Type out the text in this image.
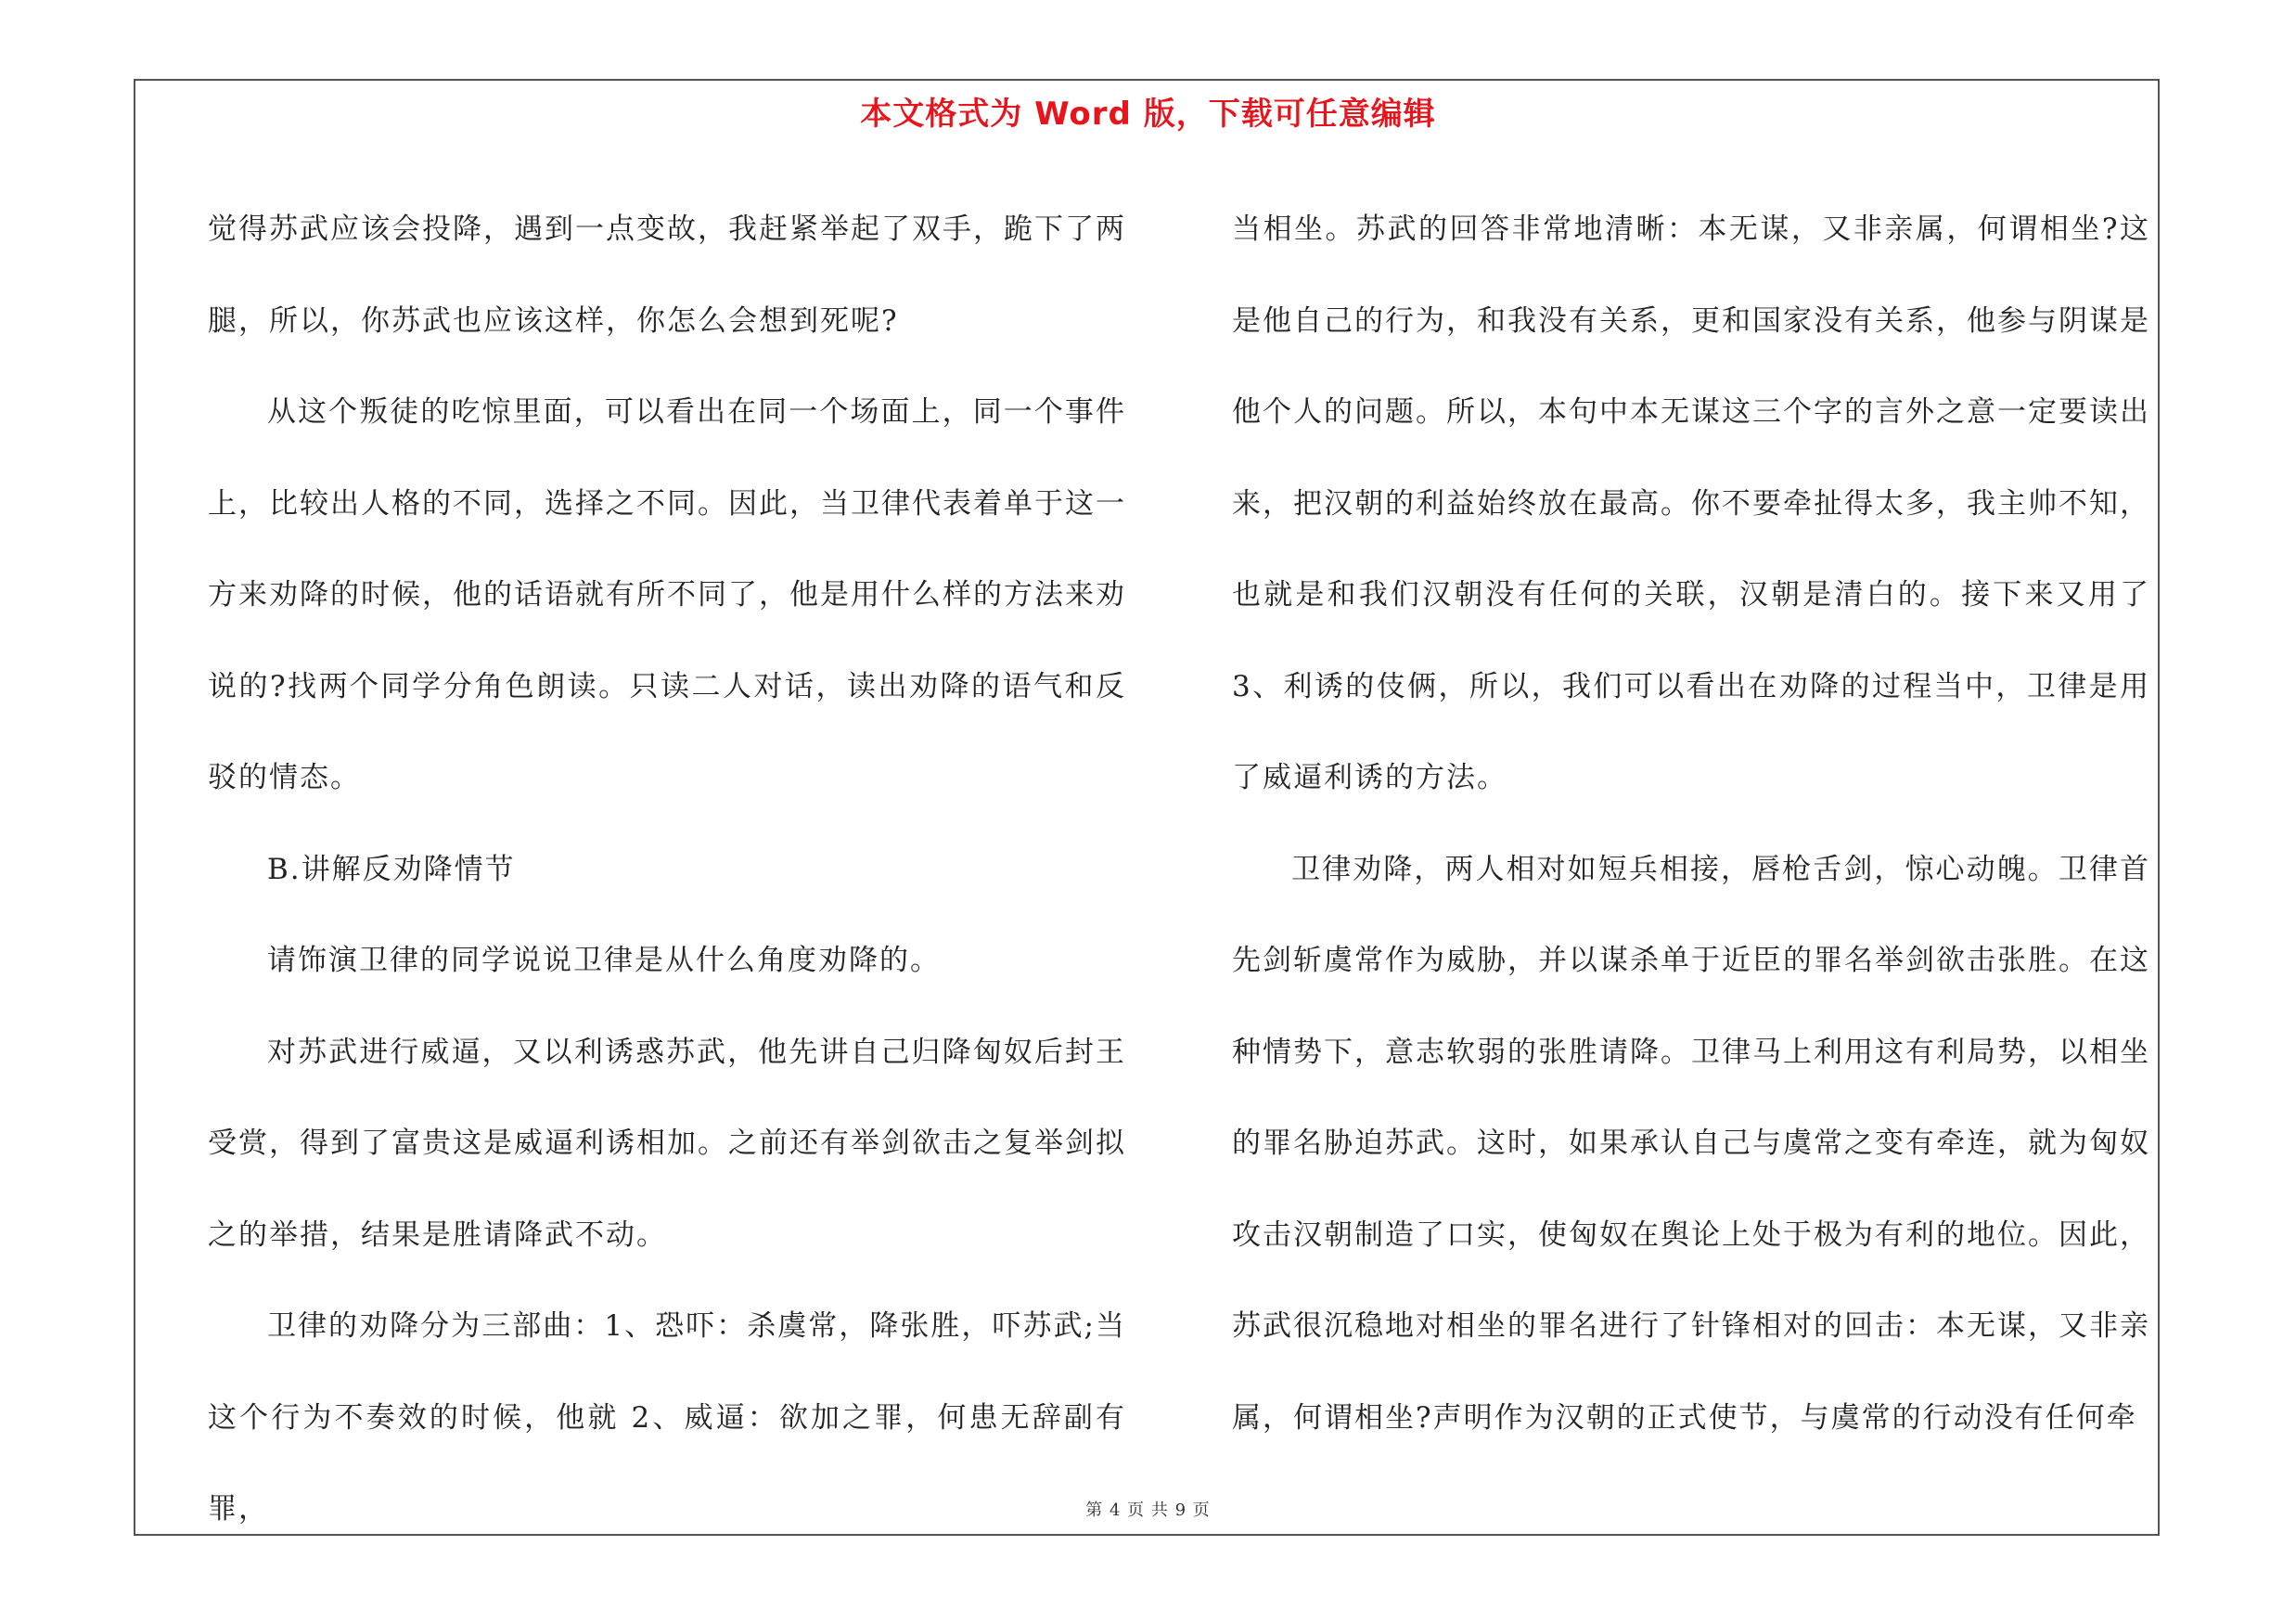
本文格式为 Word 版，下载可任意编辑

觉得苏武应该会投降，遇到一点变故，我赶紧举起了双手，跪下了两腿，所以，你苏武也应该这样，你怎么会想到死呢?

从这个叛徒的吃惊里面，可以看出在同一个场面上，同一个事件上，比较出人格的不同，选择之不同。因此，当卫律代表着单于这一方来劝降的时候，他的话语就有所不同了，他是用什么样的方法来劝说的?找两个同学分角色朗读。只读二人对话，读出劝降的语气和反驳的情态。

B.讲解反劝降情节

请饰演卫律的同学说说卫律是从什么角度劝降的。

对苏武进行威逼，又以利诱惑苏武，他先讲自己归降匈奴后封王受赏，得到了富贵这是威逼利诱相加。之前还有举剑欲击之复举剑拟之的举措，结果是胜请降武不动。

卫律的劝降分为三部曲：1、恐吓：杀虞常，降张胜，吓苏武;当这个行为不奏效的时候，他就 2、威逼：欲加之罪，何患无辞副有罪，

当相坐。苏武的回答非常地清晰：本无谋，又非亲属，何谓相坐?这是他自己的行为，和我没有关系，更和国家没有关系，他参与阴谋是他个人的问题。所以，本句中本无谋这三个字的言外之意一定要读出来，把汉朝的利益始终放在最高。你不要牵扯得太多，我主帅不知，也就是和我们汉朝没有任何的关联，汉朝是清白的。接下来又用了 3、利诱的伎俩，所以，我们可以看出在劝降的过程当中，卫律是用了威逼利诱的方法。

卫律劝降，两人相对如短兵相接，唇枪舌剑，惊心动魄。卫律首先剑斩虞常作为威胁，并以谋杀单于近臣的罪名举剑欲击张胜。在这种情势下，意志软弱的张胜请降。卫律马上利用这有利局势，以相坐的罪名胁迫苏武。这时，如果承认自己与虞常之变有牵连，就为匈奴攻击汉朝制造了口实，使匈奴在舆论上处于极为有利的地位。因此，苏武很沉稳地对相坐的罪名进行了针锋相对的回击：本无谋，又非亲属，何谓相坐?声明作为汉朝的正式使节，与虞常的行动没有任何牵

第 4 页 共 9 页
